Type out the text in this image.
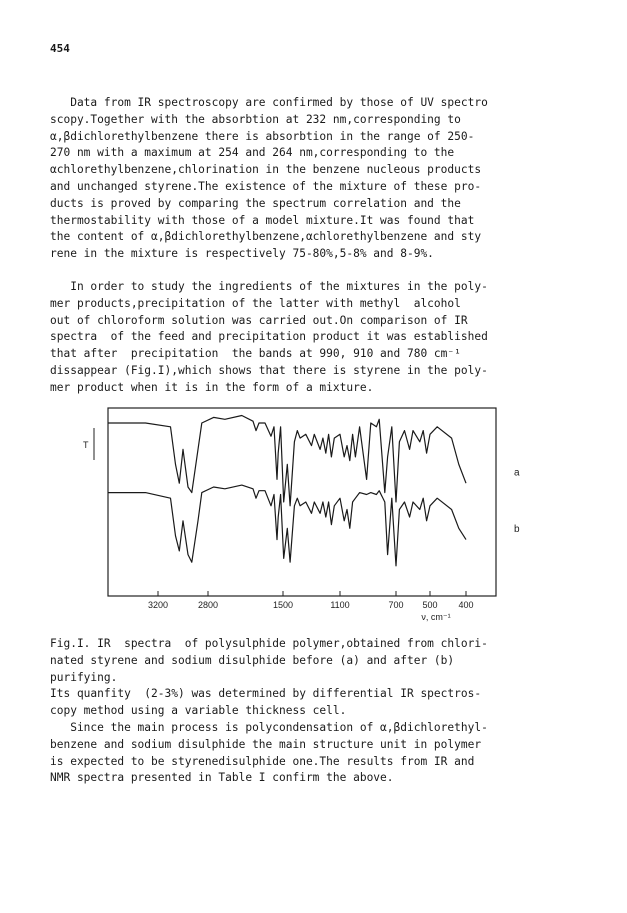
454
Data from IR spectroscopy are confirmed by those of UV spectro
scopy.Together with the absorbtion at 232 nm,corresponding to
α,βdichlorethylbenzene there is absorbtion in the range of 250-
270 nm with a maximum at 254 and 264 nm,corresponding to the
αchlorethylbenzene,chlorination in the benzene nucleous products
and unchanged styrene.The existence of the mixture of these pro-
ducts is proved by comparing the spectrum correlation and the
thermostability with those of a model mixture.It was found that
the content of α,βdichlorethylbenzene,αchlorethylbenzene and sty
rene in the mixture is respectively 75-80%,5-8% and 8-9%.
In order to study the ingredients of the mixtures in the poly-
mer products,precipitation of the latter with methyl  alcohol
out of chloroform solution was carried out.On comparison of IR
spectra  of the feed and precipitation product it was established
that after  precipitation  the bands at 990, 910 and 780 cm⁻¹
dissappear (Fig.I),which shows that there is styrene in the poly-
mer product when it is in the form of a mixture.
T
3200	2800	1500	1100	700 500 400
ν, cm⁻¹
a
b
Fig.I. IR  spectra  of polysulphide polymer,obtained from chlori-
nated styrene and sodium disulphide before (a) and after (b)
purifying.
Its quanfity  (2-3%) was determined by differential IR spectros-
copy method using a variable thickness cell.
Since the main process is polycondensation of α,βdichlorethyl-
benzene and sodium disulphide the main structure unit in polymer
is expected to be styrenedisulphide one.The results from IR and
NMR spectra presented in Table I confirm the above.
